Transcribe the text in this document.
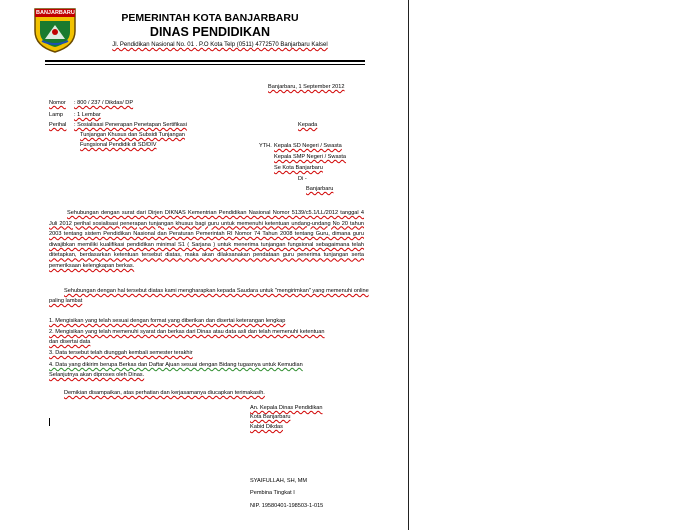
BANJARBARU	PEMERINTAH KOTA BANJARBARU
DINAS PENDIDIKAN
Jl. Pendidikan Nasional No. 01 . P.O Kota Telp (0511) 4772570 Banjarbaru Kalsel
Banjarbaru, 1 September 2012
Nomor : 800 / 237 / Dikdas/ DP
Lamp : 1 Lembar
Perihal : Sosialisasi Penerapan Penetapan Sertifikasi
Tunjangan Khusus dan Subsidi Tunjangan
Fungsional Pendidik di SD/DIV
Kepada
YTH. Kepala SD Negeri / Swasta
Kepala SMP Negeri / Swasta
Se Kota Banjarbaru
Di -
Banjarbaru
Sehubungan dengan surat dari Dirjen DIKNAS Kementrian Pendidikan Nasional Nomor 5139/c5.1/LL/2012 tanggal 4 Juli 2012 perihal sosialisasi penerapan tunjangan khusus bagi guru untuk memenuhi ketentuan undang-undang No 20 tahun 2003 tentang sistem Pendidikan Nasional dan Peraturan Pemerintah RI Nomor 74 Tahun 2008 tentang Guru, dimana guru diwajibkan memiliki kualifikasi pendidikan minimal S1 ( Sarjana ) untuk menerima tunjangan fungsional sebagaimana telah ditetapkan, berdasarkan ketentuan tersebut diatas, maka akan dilaksanakan pendataan guru penerima tunjangan serta pemeriksaan kelengkapan berkas.
Sehubungan dengan hal tersebut diatas kami mengharapkan kepada Saudara untuk "mengirimkan" yang memenuhi online
paling lambat
1. Mengisikan yang telah sesuai dengan format yang diberikan dan disertai keterangan lengkap
2. Mengisikan yang telah memenuhi syarat dan berkas dari Dinas atau data asli dan telah memenuhi ketentuan
dan disertai data
3. Data tersebut telah diunggah kembali semester terakhir
4. Data yang dikirim berupa Berkas dan Daftar Ajuan sesuai dengan Bidang tugasnya untuk Kemudian
Selanjutnya akan diproses oleh Dinas.
Demikian disampaikan, atas perhatian dan kerjasamanya diucapkan terimakasih.
An. Kepala Dinas Pendidikan
Kota Banjarbaru
Kabid Dikdas
SYAIFULLAH, SH, MM
Pembina Tingkat I
NIP. 19580401-198503-1-015
